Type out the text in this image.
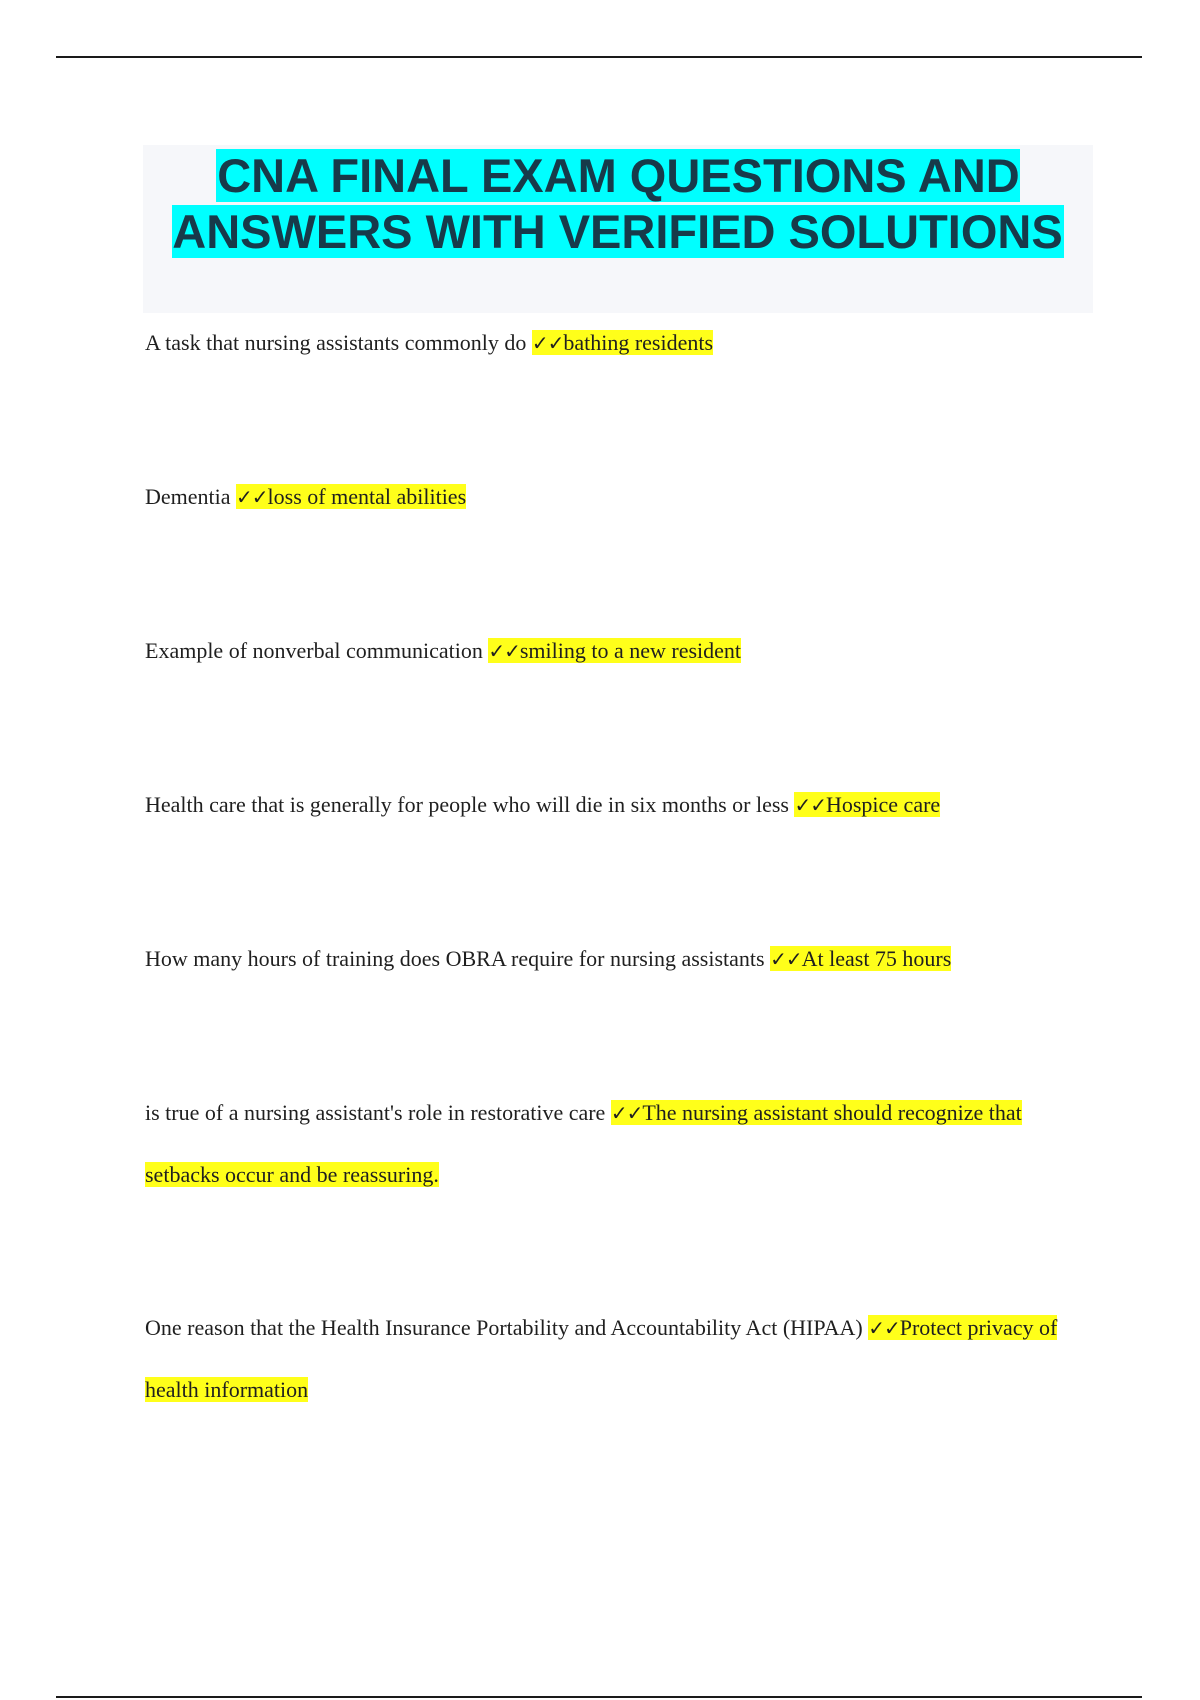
CNA FINAL EXAM QUESTIONS AND ANSWERS WITH VERIFIED SOLUTIONS

A task that nursing assistants commonly do ✓✓bathing residents

Dementia ✓✓loss of mental abilities

Example of nonverbal communication ✓✓smiling to a new resident

Health care that is generally for people who will die in six months or less ✓✓Hospice care

How many hours of training does OBRA require for nursing assistants ✓✓At least 75 hours

is true of a nursing assistant's role in restorative care ✓✓The nursing assistant should recognize that setbacks occur and be reassuring.

One reason that the Health Insurance Portability and Accountability Act (HIPAA) ✓✓Protect privacy of health information
